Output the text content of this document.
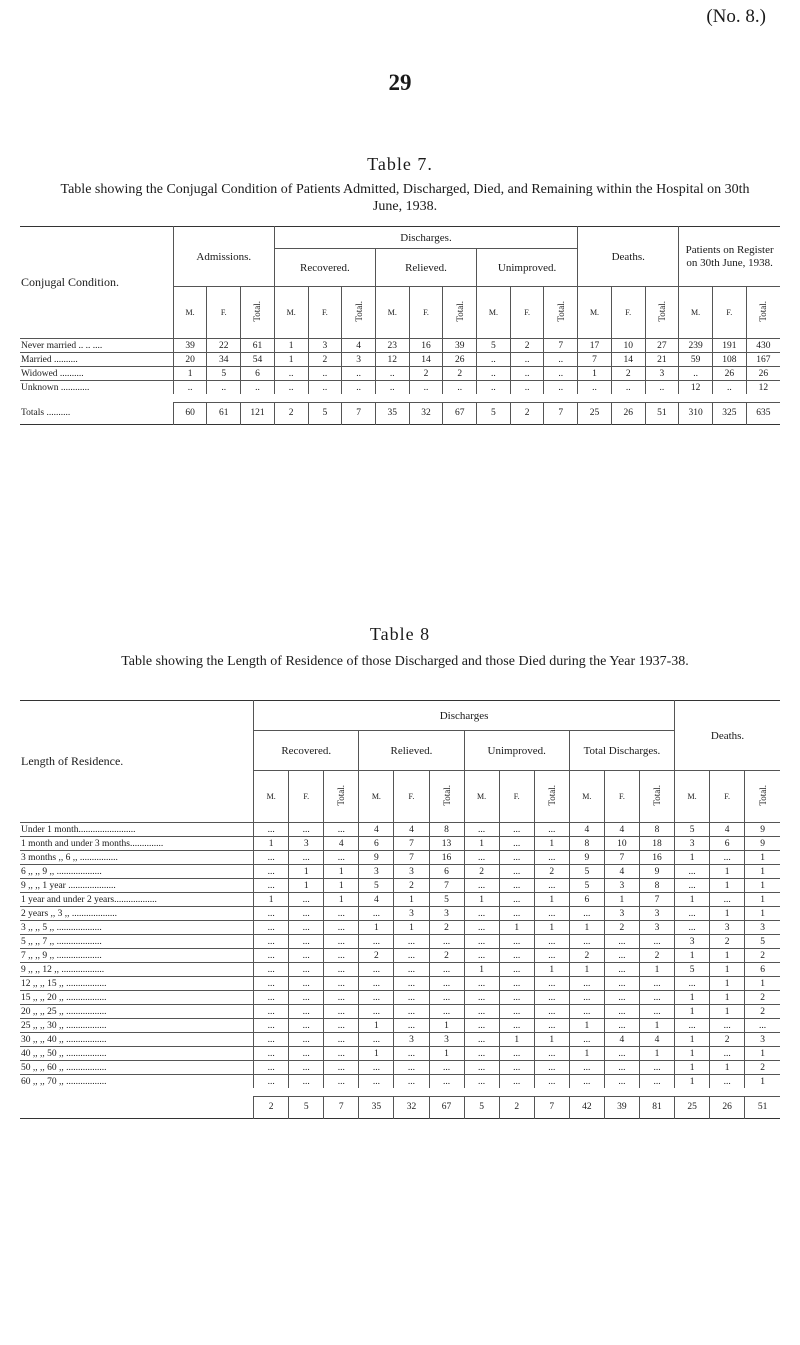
(No. 8.)
29
Table 7.
Table showing the Conjugal Condition of Patients Admitted, Discharged, Died, and Remaining within the Hospital on 30th June, 1938.
Conjugal Condition.	Admissions.			Discharges.									Deaths.			Patients on Register on 30th June, 1938.		
				Recovered.			Relieved.			Unimproved.								
	M.	F.	Total.	M.	F.	Total.	M.	F.	Total.	M.	F.	Total.	M.	F.	Total.	M.	F.	Total.
Never married .. .. ....	39	22	61	1	3	4	23	16	39	5	2	7	17	10	27	239	191	430
Married ..........	20	34	54	1	2	3	12	14	26	..	..	..	7	14	21	59	108	167
Widowed ..........	1	5	6	..	..	..	..	2	2	..	..	..	1	2	3	..	26	26
Unknown ............	..	..	..	..	..	..	..	..	..	..	..	..	..	..	..	12	..	12

Totals ..........	60	61	121	2	5	7	35	32	67	5	2	7	25	26	51	310	325	635
Table 8
Table showing the Length of Residence of those Discharged and those Died during the Year 1937-38.
Length of Residence.	Discharges												Deaths.		
	Recovered.			Relieved.			Unimproved.			Total Discharges.					
	M.	F.	Total.	M.	F.	Total.	M.	F.	Total.	M.	F.	Total.	M.	F.	Total.
Under 1 month........................	...	...	...	4	4	8	...	...	...	4	4	8	5	4	9
1 month and under 3 months..............	1	3	4	6	7	13	1	...	1	8	10	18	3	6	9
3 months ,, 6 ,, ................	...	...	...	9	7	16	...	...	...	9	7	16	1	...	1
6 ,, ,, 9 ,, ...................	...	1	1	3	3	6	2	...	2	5	4	9	...	1	1
9 ,, ,, 1 year ....................	...	1	1	5	2	7	...	...	...	5	3	8	...	1	1
1 year and under 2 years..................	1	...	1	4	1	5	1	...	1	6	1	7	1	...	1
2 years ,, 3 ,, ...................	...	...	...	...	3	3	...	...	...	...	3	3	...	1	1
3 ,, ,, 5 ,, ...................	...	...	...	1	1	2	...	1	1	1	2	3	...	3	3
5 ,, ,, 7 ,, ...................	...	...	...	...	...	...	...	...	...	...	...	...	3	2	5
7 ,, ,, 9 ,, ...................	...	...	...	2	...	2	...	...	...	2	...	2	1	1	2
9 ,, ,, 12 ,, ..................	...	...	...	...	...	...	1	...	1	1	...	1	5	1	6
12 ,, ,, 15 ,, .................	...	...	...	...	...	...	...	...	...	...	...	...	...	1	1
15 ,, ,, 20 ,, .................	...	...	...	...	...	...	...	...	...	...	...	...	1	1	2
20 ,, ,, 25 ,, .................	...	...	...	...	...	...	...	...	...	...	...	...	1	1	2
25 ,, ,, 30 ,, .................	...	...	...	1	...	1	...	...	...	1	...	1	...	...	...
30 ,, ,, 40 ,, .................	...	...	...	...	3	3	...	1	1	...	4	4	1	2	3
40 ,, ,, 50 ,, .................	...	...	...	1	...	1	...	...	...	1	...	1	1	...	1
50 ,, ,, 60 ,, .................	...	...	...	...	...	...	...	...	...	...	...	...	1	1	2
60 ,, ,, 70 ,, .................	...	...	...	...	...	...	...	...	...	...	...	...	1	...	1

	2	5	7	35	32	67	5	2	7	42	39	81	25	26	51
